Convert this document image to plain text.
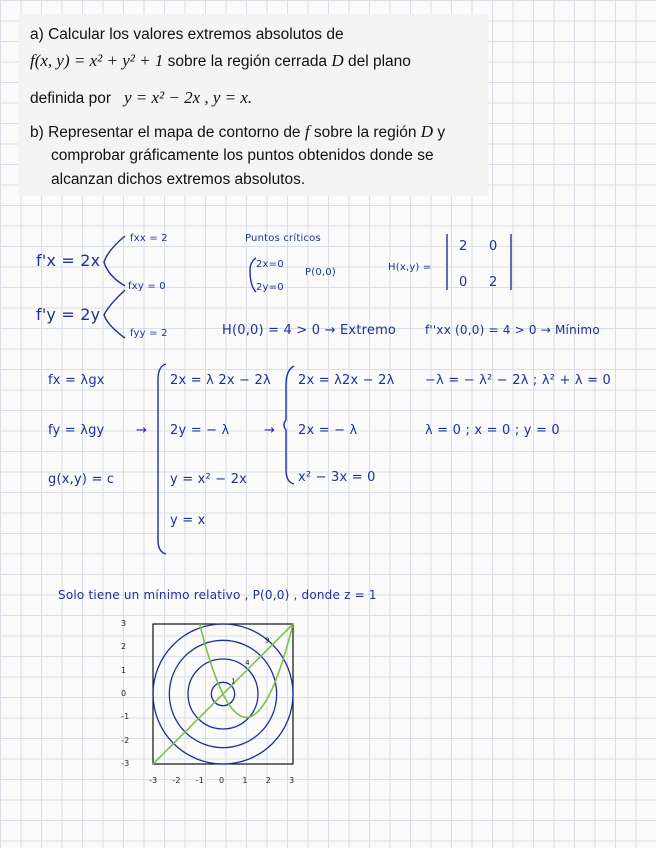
a) Calcular los valores extremos absolutos de
f(x, y) = x² + y² + 1 sobre la región cerrada D del plano
definida por y = x² − 2x , y = x.
b) Representar el mapa de contorno de f sobre la región D y
comprobar gráficamente los puntos obtenidos donde se
alcanzan dichos extremos absolutos.
f'x = 2x
f'y = 2y
fxx = 2
fxy = 0
fyy = 2
Puntos críticos
2x=0
2y=0
P(0,0)	H(x,y) =
2 0
0 2
H(0,0) = 4 > 0 → Extremo f''xx (0,0) = 4 > 0 → Mínimo
fx = λgx
fy = λgy
g(x,y) = c
→
2x = λ 2x − 2λ
2y = − λ
y = x² − 2x
y = x
→
2x = λ2x − 2λ
2x = − λ
x² − 3x = 0
−λ = − λ² − 2λ ; λ² + λ = 0
λ = 0 ; x = 0 ; y = 0
Solo tiene un mínimo relativo , P(0,0) , donde z = 1
1
4
9
-3 -2 -1 0 1 2 3
3
2
1
0
-1
-2
-3
